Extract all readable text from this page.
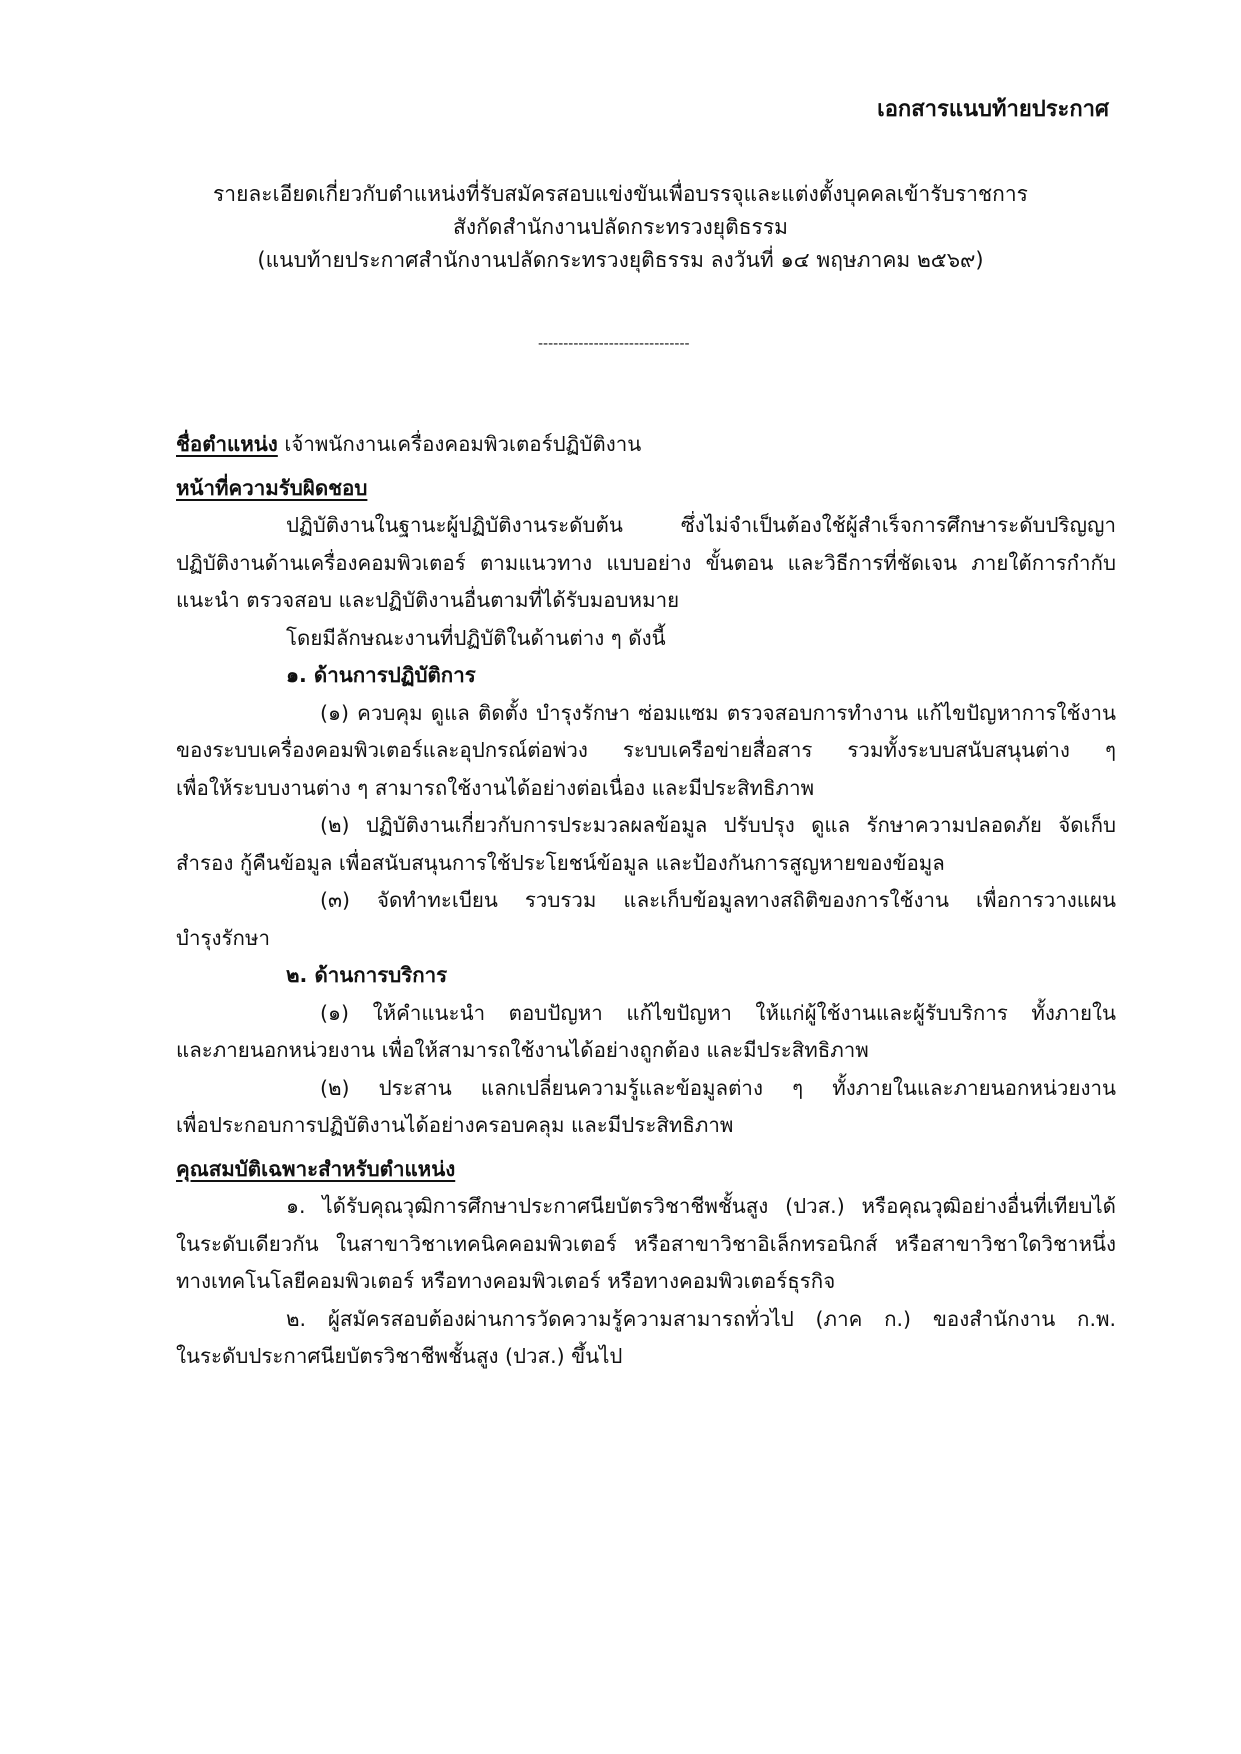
เอกสารแนบท้ายประกาศ
รายละเอียดเกี่ยวกับตำแหน่งที่รับสมัครสอบแข่งขันเพื่อบรรจุและแต่งตั้งบุคคลเข้ารับราชการ
สังกัดสำนักงานปลัดกระทรวงยุติธรรม
(แนบท้ายประกาศสำนักงานปลัดกระทรวงยุติธรรม ลงวันที่ ๑๔ พฤษภาคม ๒๕๖๙)
------------------------------
ชื่อตำแหน่ง เจ้าพนักงานเครื่องคอมพิวเตอร์ปฏิบัติงาน
หน้าที่ความรับผิดชอบ
ปฏิบัติงานในฐานะผู้ปฏิบัติงานระดับต้น ซึ่งไม่จำเป็นต้องใช้ผู้สำเร็จการศึกษาระดับปริญญา
ปฏิบัติงานด้านเครื่องคอมพิวเตอร์ ตามแนวทาง แบบอย่าง ขั้นตอน และวิธีการที่ชัดเจน ภายใต้การกำกับ
แนะนำ ตรวจสอบ และปฏิบัติงานอื่นตามที่ได้รับมอบหมาย
โดยมีลักษณะงานที่ปฏิบัติในด้านต่าง ๆ ดังนี้
๑. ด้านการปฏิบัติการ
(๑) ควบคุม ดูแล ติดตั้ง บำรุงรักษา ซ่อมแซม ตรวจสอบการทำงาน แก้ไขปัญหาการใช้งาน
ของระบบเครื่องคอมพิวเตอร์และอุปกรณ์ต่อพ่วง ระบบเครือข่ายสื่อสาร รวมทั้งระบบสนับสนุนต่าง ๆ
เพื่อให้ระบบงานต่าง ๆ สามารถใช้งานได้อย่างต่อเนื่อง และมีประสิทธิภาพ
(๒) ปฏิบัติงานเกี่ยวกับการประมวลผลข้อมูล ปรับปรุง ดูแล รักษาความปลอดภัย จัดเก็บ
สำรอง กู้คืนข้อมูล เพื่อสนับสนุนการใช้ประโยชน์ข้อมูล และป้องกันการสูญหายของข้อมูล
(๓) จัดทำทะเบียน รวบรวม และเก็บข้อมูลทางสถิติของการใช้งาน เพื่อการวางแผน
บำรุงรักษา
๒. ด้านการบริการ
(๑) ให้คำแนะนำ ตอบปัญหา แก้ไขปัญหา ให้แก่ผู้ใช้งานและผู้รับบริการ ทั้งภายใน
และภายนอกหน่วยงาน เพื่อให้สามารถใช้งานได้อย่างถูกต้อง และมีประสิทธิภาพ
(๒) ประสาน แลกเปลี่ยนความรู้และข้อมูลต่าง ๆ ทั้งภายในและภายนอกหน่วยงาน
เพื่อประกอบการปฏิบัติงานได้อย่างครอบคลุม และมีประสิทธิภาพ
คุณสมบัติเฉพาะสำหรับตำแหน่ง
๑. ได้รับคุณวุฒิการศึกษาประกาศนียบัตรวิชาชีพชั้นสูง (ปวส.) หรือคุณวุฒิอย่างอื่นที่เทียบได้
ในระดับเดียวกัน ในสาขาวิชาเทคนิคคอมพิวเตอร์ หรือสาขาวิชาอิเล็กทรอนิกส์ หรือสาขาวิชาใดวิชาหนึ่ง
ทางเทคโนโลยีคอมพิวเตอร์ หรือทางคอมพิวเตอร์ หรือทางคอมพิวเตอร์ธุรกิจ
๒. ผู้สมัครสอบต้องผ่านการวัดความรู้ความสามารถทั่วไป (ภาค ก.) ของสำนักงาน ก.พ.
ในระดับประกาศนียบัตรวิชาชีพชั้นสูง (ปวส.) ขึ้นไป
